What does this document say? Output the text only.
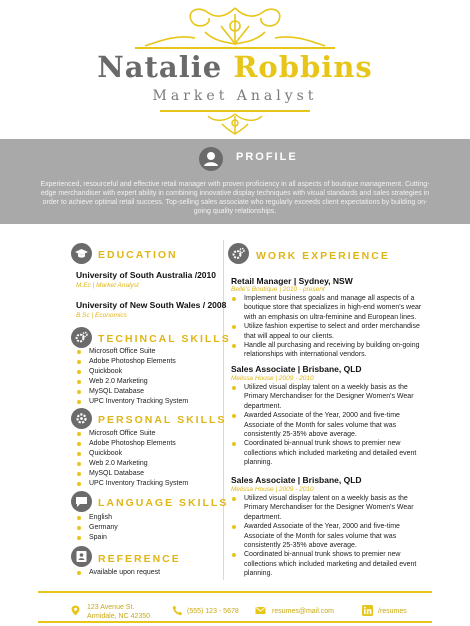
Natalie Robbins
Market Analyst
PROFILE
Experienced, resourceful and effective retail manager with proven proficiency in all aspects of boutique management. Cutting-edge merchandiser with expert ability in combining innovative display techniques with visual standards and sales strategies in order to achieve optimal retail success. Top-selling sales associate who regularly exceeds client expectations by building on-going quality relationships.
EDUCATION
University of South Australia /2010
M.Ec | Market Analyst
University of New South Wales / 2008
B.Sc | Economics
TECHINCAL SKILLS
Microsoft Office Suite
Adobe Photoshop Elements
Quickbook
Web 2.0 Marketing
MySQL Database
UPC Inventory Tracking System
PERSONAL SKILLS
Microsoft Office Suite
Adobe Photoshop Elements
Quickbook
Web 2.0 Marketing
MySQL Database
UPC Inventory Tracking System
LANGUAGE SKILLS
English
Germany
Spain
REFERENCE
Available upon request
WORK EXPERIENCE
Retail Manager | Sydney, NSW
Belle's Boutique | 2010 - present
Implement business goals and manage all aspects of a boutique store that specializes in high-end women's wear with an emphasis on ultra-feminine and European lines.
Utilize fashion expertise to select and order merchandise that will appeal to our clients.
Handle all purchasing and receiving by building on-going relationships with international vendors.
Sales Associate | Brisbane, QLD
Melissa House | 2009 - 2010
Utilized visual display talent on a weekly basis as the Primary Merchandiser for the Designer Women's Wear department.
Awarded Associate of the Year, 2000 and five-time Associate of the Month for sales volume that was consistently 25-35% above average.
Coordinated bi-annual trunk shows to premier new collections which included marketing and detailed event planning.
Sales Associate | Brisbane, QLD
Melissa House | 2009 - 2010
Utilized visual display talent on a weekly basis as the Primary Merchandiser for the Designer Women's Wear department.
Awarded Associate of the Year, 2000 and five-time Associate of the Month for sales volume that was consistently 25-35% above average.
Coordinated bi-annual trunk shows to premier new collections which included marketing and detailed event planning.
123 Avenue St.
Armidale, NC 42350
(555) 123 - 5678	resumes@mail.com	/resumes
